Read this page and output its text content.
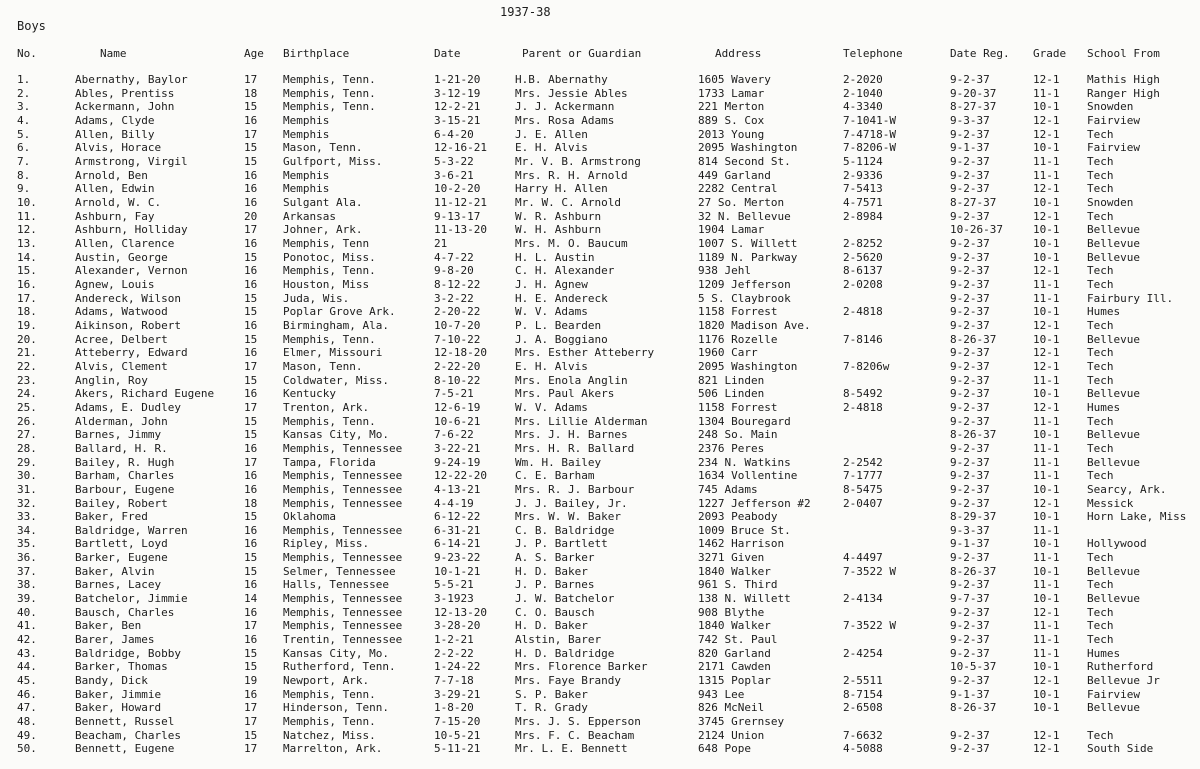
1937-38
Boys
No.	Name	Age	Birthplace	Date	Parent or Guardian	Address	Telephone	Date Reg.	Grade	School From
1.	Abernathy, Baylor	17	Memphis, Tenn.	1-21-20	H.B. Abernathy	1605 Wavery	2-2020	9-2-37	12-1	Mathis High
2.	Ables, Prentiss	18	Memphis, Tenn.	3-12-19	Mrs. Jessie Ables	1733 Lamar	2-1040	9-20-37	11-1	Ranger High
3.	Ackermann, John	15	Memphis, Tenn.	12-2-21	J. J. Ackermann	221 Merton	4-3340	8-27-37	10-1	Snowden
4.	Adams, Clyde	16	Memphis	3-15-21	Mrs. Rosa Adams	889 S. Cox	7-1041-W	9-3-37	12-1	Fairview
5.	Allen, Billy	17	Memphis	6-4-20	J. E. Allen	2013 Young	7-4718-W	9-2-37	12-1	Tech
6.	Alvis, Horace	15	Mason, Tenn.	12-16-21	E. H. Alvis	2095 Washington	7-8206-W	9-1-37	10-1	Fairview
7.	Armstrong, Virgil	15	Gulfport, Miss.	5-3-22	Mr. V. B. Armstrong	814 Second St.	5-1124	9-2-37	11-1	Tech
8.	Arnold, Ben	16	Memphis	3-6-21	Mrs. R. H. Arnold	449 Garland	2-9336	9-2-37	11-1	Tech
9.	Allen, Edwin	16	Memphis	10-2-20	Harry H. Allen	2282 Central	7-5413	9-2-37	12-1	Tech
10.	Arnold, W. C.	16	Sulgant Ala.	11-12-21	Mr. W. C. Arnold	27 So. Merton	4-7571	8-27-37	10-1	Snowden
11.	Ashburn, Fay	20	Arkansas	9-13-17	W. R. Ashburn	32 N. Bellevue	2-8984	9-2-37	12-1	Tech
12.	Ashburn, Holliday	17	Johner, Ark.	11-13-20	W. H. Ashburn	1904 Lamar	10-26-37	10-1	Bellevue
13.	Allen, Clarence	16	Memphis, Tenn	21	Mrs. M. O. Baucum	1007 S. Willett	2-8252	9-2-37	10-1	Bellevue
14.	Austin, George	15	Ponotoc, Miss.	4-7-22	H. L. Austin	1189 N. Parkway	2-5620	9-2-37	10-1	Bellevue
15.	Alexander, Vernon	16	Memphis, Tenn.	9-8-20	C. H. Alexander	938 Jehl	8-6137	9-2-37	12-1	Tech
16.	Agnew, Louis	16	Houston, Miss	8-12-22	J. H. Agnew	1209 Jefferson	2-0208	9-2-37	11-1	Tech
17.	Andereck, Wilson	15	Juda, Wis.	3-2-22	H. E. Andereck	5 S. Claybrook	9-2-37	11-1	Fairbury Ill.
18.	Adams, Watwood	15	Poplar Grove Ark.	2-20-22	W. V. Adams	1158 Forrest	2-4818	9-2-37	10-1	Humes
19.	Aikinson, Robert	16	Birmingham, Ala.	10-7-20	P. L. Bearden	1820 Madison Ave.	9-2-37	12-1	Tech
20.	Acree, Delbert	15	Memphis, Tenn.	7-10-22	J. A. Boggiano	1176 Rozelle	7-8146	8-26-37	10-1	Bellevue
21.	Atteberry, Edward	16	Elmer, Missouri	12-18-20	Mrs. Esther Atteberry	1960 Carr	9-2-37	12-1	Tech
22.	Alvis, Clement	17	Mason, Tenn.	2-22-20	E. H. Alvis	2095 Washington	7-8206w	9-2-37	12-1	Tech
23.	Anglin, Roy	15	Coldwater, Miss.	8-10-22	Mrs. Enola Anglin	821 Linden	9-2-37	11-1	Tech
24.	Akers, Richard Eugene	16	Kentucky	7-5-21	Mrs. Paul Akers	506 Linden	8-5492	9-2-37	10-1	Bellevue
25.	Adams, E. Dudley	17	Trenton, Ark.	12-6-19	W. V. Adams	1158 Forrest	2-4818	9-2-37	12-1	Humes
26.	Alderman, John	15	Memphis, Tenn.	10-6-21	Mrs. Lillie Alderman	1304 Bouregard	9-2-37	11-1	Tech
27.	Barnes, Jimmy	15	Kansas City, Mo.	7-6-22	Mrs. J. H. Barnes	248 So. Main	8-26-37	10-1	Bellevue
28.	Ballard, H. R.	16	Memphis, Tennessee	3-22-21	Mrs. H. R. Ballard	2376 Peres	9-2-37	11-1	Tech
29.	Bailey, R. Hugh	17	Tampa, Florida	9-24-19	Wm. H. Bailey	234 N. Watkins	2-2542	9-2-37	11-1	Bellevue
30.	Barham, Charles	16	Memphis, Tennessee	12-22-20	C. E. Barham	1634 Vollentine	7-1777	9-2-37	11-1	Tech
31.	Barbour, Eugene	16	Memphis, Tennessee	4-13-21	Mrs. R. J. Barbour	745 Adams	8-5475	9-2-37	10-1	Searcy, Ark.
32.	Bailey, Robert	18	Memphis, Tennessee	4-4-19	J. J. Bailey, Jr.	1227 Jefferson #2	2-0407	9-2-37	12-1	Messick
33.	Baker, Fred	15	Oklahoma	6-12-22	Mrs. W. W. Baker	2093 Peabody	8-29-37	10-1	Horn Lake, Miss
34.	Baldridge, Warren	16	Memphis, Tennessee	6-31-21	C. B. Baldridge	1009 Bruce St.	9-3-37	11-1
35.	Bartlett, Loyd	16	Ripley, Miss.	6-14-21	J. P. Bartlett	1462 Harrison	9-1-37	10-1	Hollywood
36.	Barker, Eugene	15	Memphis, Tennessee	9-23-22	A. S. Barker	3271 Given	4-4497	9-2-37	11-1	Tech
37.	Baker, Alvin	15	Selmer, Tennessee	10-1-21	H. D. Baker	1840 Walker	7-3522 W	8-26-37	10-1	Bellevue
38.	Barnes, Lacey	16	Halls, Tennessee	5-5-21	J. P. Barnes	961 S. Third	9-2-37	11-1	Tech
39.	Batchelor, Jimmie	14	Memphis, Tennessee	3-1923	J. W. Batchelor	138 N. Willett	2-4134	9-7-37	10-1	Bellevue
40.	Bausch, Charles	16	Memphis, Tennessee	12-13-20	C. O. Bausch	908 Blythe	9-2-37	12-1	Tech
41.	Baker, Ben	17	Memphis, Tennessee	3-28-20	H. D. Baker	1840 Walker	7-3522 W	9-2-37	11-1	Tech
42.	Barer, James	16	Trentin, Tennessee	1-2-21	Alstin, Barer	742 St. Paul	9-2-37	11-1	Tech
43.	Baldridge, Bobby	15	Kansas City, Mo.	2-2-22	H. D. Baldridge	820 Garland	2-4254	9-2-37	11-1	Humes
44.	Barker, Thomas	15	Rutherford, Tenn.	1-24-22	Mrs. Florence Barker	2171 Cawden	10-5-37	10-1	Rutherford
45.	Bandy, Dick	19	Newport, Ark.	7-7-18	Mrs. Faye Brandy	1315 Poplar	2-5511	9-2-37	12-1	Bellevue Jr
46.	Baker, Jimmie	16	Memphis, Tenn.	3-29-21	S. P. Baker	943 Lee	8-7154	9-1-37	10-1	Fairview
47.	Baker, Howard	17	Hinderson, Tenn.	1-8-20	T. R. Grady	826 McNeil	2-6508	8-26-37	10-1	Bellevue
48.	Bennett, Russel	17	Memphis, Tenn.	7-15-20	Mrs. J. S. Epperson	3745 Grernsey
49.	Beacham, Charles	15	Natchez, Miss.	10-5-21	Mrs. F. C. Beacham	2124 Union	7-6632	9-2-37	12-1	Tech
50.	Bennett, Eugene	17	Marrelton, Ark.	5-11-21	Mr. L. E. Bennett	648 Pope	4-5088	9-2-37	12-1	South Side
